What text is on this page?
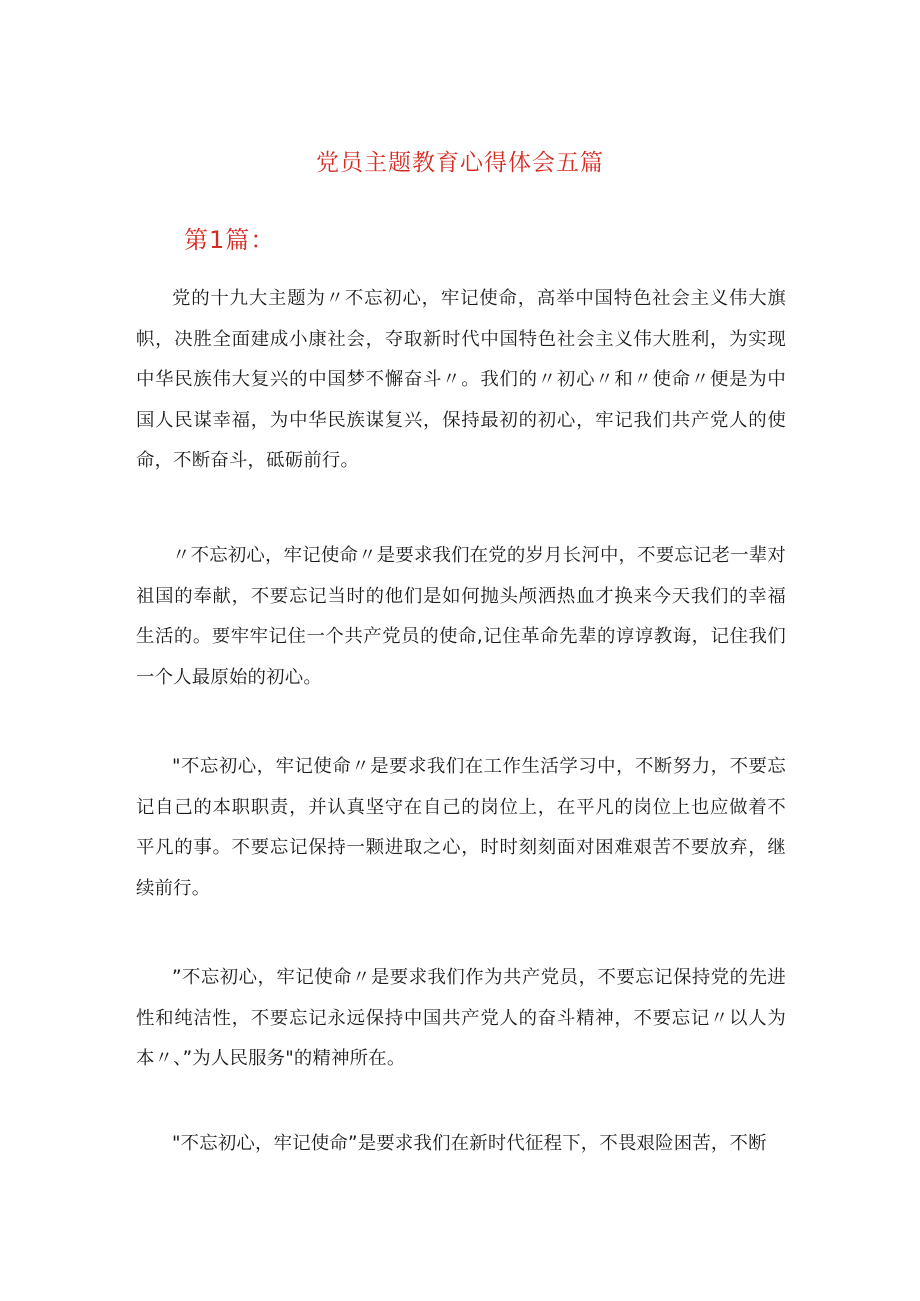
党员主题教育心得体会五篇
第1篇：

党的十九大主题为〃不忘初心，牢记使命，高举中国特色社会主义伟大旗帜，决胜全面建成小康社会，夺取新时代中国特色社会主义伟大胜利，为实现中华民族伟大复兴的中国梦不懈奋斗〃。我们的〃初心〃和〃使命〃便是为中国人民谋幸福，为中华民族谋复兴，保持最初的初心，牢记我们共产党人的使命，不断奋斗，砥砺前行。

〃不忘初心，牢记使命〃是要求我们在党的岁月长河中，不要忘记老一辈对祖国的奉献，不要忘记当时的他们是如何抛头颅洒热血才换来今天我们的幸福生活的。要牢牢记住一个共产党员的使命,记住革命先辈的谆谆教诲，记住我们一个人最原始的初心。

"不忘初心，牢记使命〃是要求我们在工作生活学习中，不断努力，不要忘记自己的本职职责，并认真坚守在自己的岗位上，在平凡的岗位上也应做着不平凡的事。不要忘记保持一颗进取之心，时时刻刻面对困难艰苦不要放弃，继续前行。

”不忘初心，牢记使命〃是要求我们作为共产党员，不要忘记保持党的先进性和纯洁性，不要忘记永远保持中国共产党人的奋斗精神，不要忘记〃以人为本〃、”为人民服务"的精神所在。

"不忘初心，牢记使命”是要求我们在新时代征程下，不畏艰险困苦，不断
